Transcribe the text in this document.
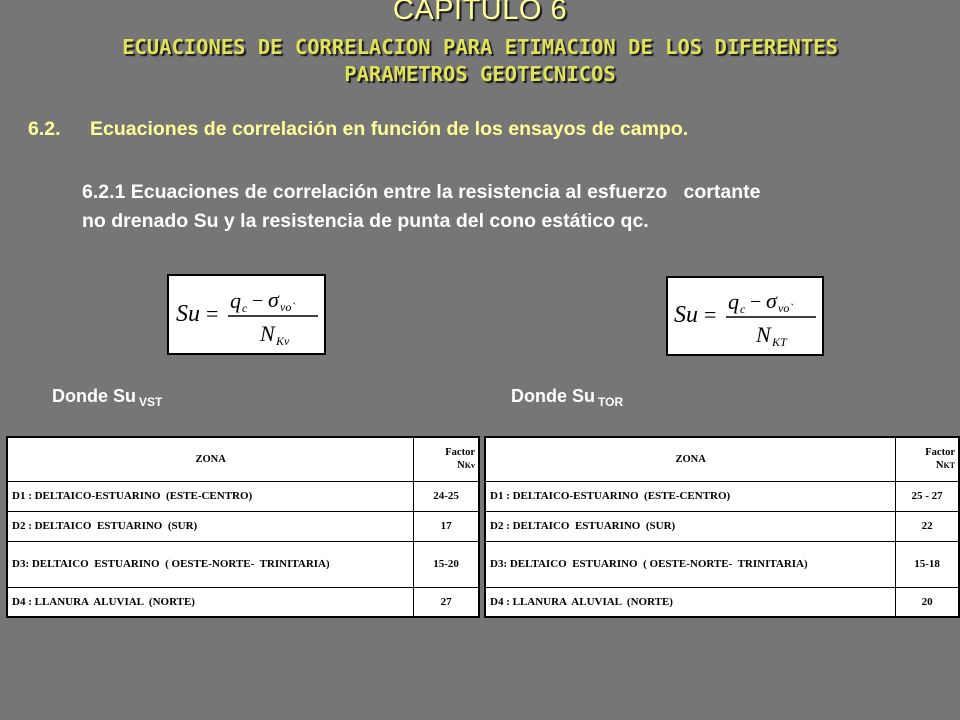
CAPITULO 6
ECUACIONES DE CORRELACION PARA ETIMACION DE LOS DIFERENTES
PARAMETROS GEOTECNICOS
6.2. Ecuaciones de correlación en función de los ensayos de campo.
6.2.1 Ecuaciones de correlación entre la resistencia al esfuerzo   cortante
no drenado Su y la resistencia de punta del cono estático qc.
Su =
q c − σ vo`
N Kv
Su =
q c − σ vo`
N KT
Donde Su $_{VST}$	Donde Su $_{TOR}$
ZONA	Factor
NKv
D1 : DELTAICO-ESTUARINO  (ESTE-CENTRO)	24-25
D2 : DELTAICO  ESTUARINO  (SUR)	17
D3: DELTAICO  ESTUARINO  ( OESTE-NORTE-  TRINITARIA)	15-20
D4 : LLANURA  ALUVIAL  (NORTE)	27
ZONA	Factor
NKT
D1 : DELTAICO-ESTUARINO  (ESTE-CENTRO)	25 - 27
D2 : DELTAICO  ESTUARINO  (SUR)	22
D3: DELTAICO  ESTUARINO  ( OESTE-NORTE-  TRINITARIA)	15-18
D4 : LLANURA  ALUVIAL  (NORTE)	20
